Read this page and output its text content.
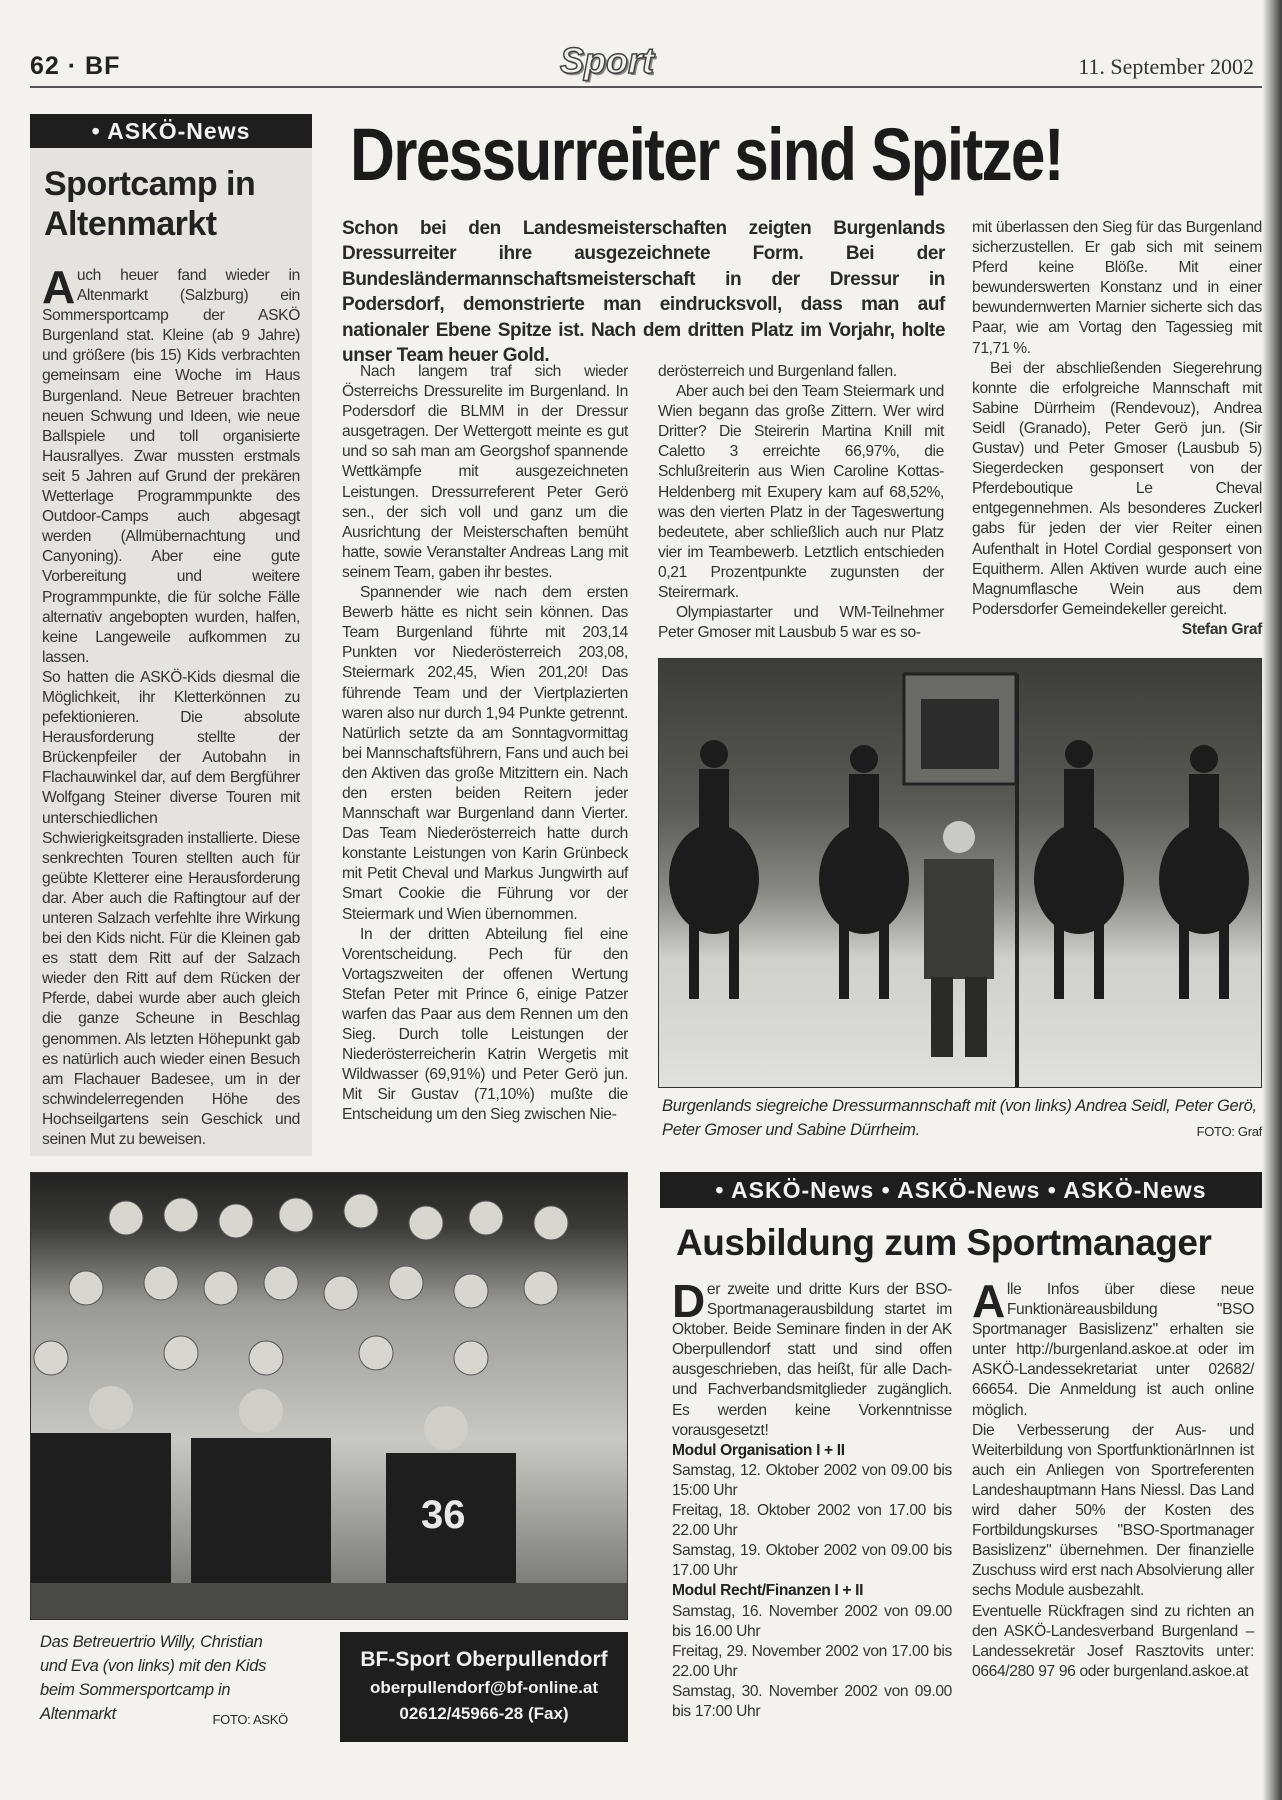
62 · BF	Sport	11. September 2002
• ASKÖ-News
Sportcamp in Altenmarkt

Auch heuer fand wieder in Altenmarkt (Salzburg) ein Sommersportcamp der ASKÖ Burgenland stat. Kleine (ab 9 Jahre) und größere (bis 15) Kids verbrachten gemeinsam eine Woche im Haus Burgenland. Neue Betreuer brachten neuen Schwung und Ideen, wie neue Ballspiele und toll organisierte Hausrallyes. Zwar mussten erstmals seit 5 Jahren auf Grund der prekären Wetterlage Programmpunkte des Outdoor-Camps auch abgesagt werden (Allmübernachtung und Canyoning). Aber eine gute Vorbereitung und weitere Programmpunkte, die für solche Fälle alternativ angebopten wurden, halfen, keine Langeweile aufkommen zu lassen.

So hatten die ASKÖ-Kids diesmal die Möglichkeit, ihr Kletterkönnen zu pefektionieren. Die absolute Herausforderung stellte der Brückenpfeiler der Autobahn in Flachauwinkel dar, auf dem Bergführer Wolfgang Steiner diverse Touren mit unterschiedlichen Schwierigkeitsgraden installierte. Diese senkrechten Touren stellten auch für geübte Kletterer eine Herausforderung dar. Aber auch die Raftingtour auf der unteren Salzach verfehlte ihre Wirkung bei den Kids nicht. Für die Kleinen gab es statt dem Ritt auf der Salzach wieder den Ritt auf dem Rücken der Pferde, dabei wurde aber auch gleich die ganze Scheune in Beschlag genommen. Als letzten Höhepunkt gab es natürlich auch wieder einen Besuch am Flachauer Badesee, um in der schwindelerregenden Höhe des Hochseilgartens sein Geschick und seinen Mut zu beweisen.

Dressurreiter sind Spitze!
Schon bei den Landesmeisterschaften zeigten Burgenlands Dressurreiter ihre ausgezeichnete Form. Bei der Bundesländermannschaftsmeisterschaft in der Dressur in Podersdorf, demonstrierte man eindrucksvoll, dass man auf nationaler Ebene Spitze ist. Nach dem dritten Platz im Vorjahr, holte unser Team heuer Gold.

Nach langem traf sich wieder Österreichs Dressurelite im Burgenland. In Podersdorf die BLMM in der Dressur ausgetragen. Der Wettergott meinte es gut und so sah man am Georgshof spannende Wettkämpfe mit ausgezeichneten Leistungen. Dressurreferent Peter Gerö sen., der sich voll und ganz um die Ausrichtung der Meisterschaften bemüht hatte, sowie Veranstalter Andreas Lang mit seinem Team, gaben ihr bestes.

Spannender wie nach dem ersten Bewerb hätte es nicht sein können. Das Team Burgenland führte mit 203,14 Punkten vor Niederösterreich 203,08, Steiermark 202,45, Wien 201,20! Das führende Team und der Viertplazierten waren also nur durch 1,94 Punkte getrennt. Natürlich setzte da am Sonntagvormittag bei Mannschaftsführern, Fans und auch bei den Aktiven das große Mitzittern ein. Nach den ersten beiden Reitern jeder Mannschaft war Burgenland dann Vierter. Das Team Niederösterreich hatte durch konstante Leistungen von Karin Grünbeck mit Petit Cheval und Markus Jungwirth auf Smart Cookie die Führung vor der Steiermark und Wien übernommen.

In der dritten Abteilung fiel eine Vorentscheidung. Pech für den Vortagszweiten der offenen Wertung Stefan Peter mit Prince 6, einige Patzer warfen das Paar aus dem Rennen um den Sieg. Durch tolle Leistungen der Niederösterreicherin Katrin Wergetis mit Wildwasser (69,91%) und Peter Gerö jun. Mit Sir Gustav (71,10%) mußte die Entscheidung um den Sieg zwischen Nie-

derösterreich und Burgenland fallen.

Aber auch bei den Team Steiermark und Wien begann das große Zittern. Wer wird Dritter? Die Steirerin Martina Knill mit Caletto 3 erreichte 66,97%, die Schlußreiterin aus Wien Caroline Kottas-Heldenberg mit Exupery kam auf 68,52%, was den vierten Platz in der Tageswertung bedeutete, aber schließlich auch nur Platz vier im Teambewerb. Letztlich entschieden 0,21 Prozentpunkte zugunsten der Steirermark.

Olympiastarter und WM-Teilnehmer Peter Gmoser mit Lausbub 5 war es so-

mit überlassen den Sieg für das Burgenland sicherzustellen. Er gab sich mit seinem Pferd keine Blöße. Mit einer bewunderswerten Konstanz und in einer bewundernwerten Marnier sicherte sich das Paar, wie am Vortag den Tagessieg mit 71,71 %.

Bei der abschließenden Siegerehrung konnte die erfolgreiche Mannschaft mit Sabine Dürrheim (Rendevouz), Andrea Seidl (Granado), Peter Gerö jun. (Sir Gustav) und Peter Gmoser (Lausbub 5) Siegerdecken gesponsert von der Pferdeboutique Le Cheval entgegennehmen. Als besonderes Zuckerl gabs für jeden der vier Reiter einen Aufenthalt in Hotel Cordial gesponsert von Equitherm. Allen Aktiven wurde auch eine Magnumflasche Wein aus dem Podersdorfer Gemeindekeller gereicht.

Stefan Graf

Burgenlands siegreiche Dressurmannschaft mit (von links) Andrea Seidl, Peter Gerö, Peter Gmoser und Sabine Dürrheim.	FOTO: Graf
36
Das Betreuertrio Willy, Christian und Eva (von links) mit den Kids beim Sommersportcamp in Altenmarkt	FOTO: ASKÖ
BF-Sport Oberpullendorf
oberpullendorf@bf-online.at
02612/45966-28 (Fax)
• ASKÖ-News • ASKÖ-News • ASKÖ-News
Ausbildung zum Sportmanager

Der zweite und dritte Kurs der BSO-Sportmanagerausbildung startet im Oktober. Beide Seminare finden in der AK Oberpullendorf statt und sind offen ausgeschrieben, das heißt, für alle Dach- und Fachverbandsmitglieder zugänglich. Es werden keine Vorkenntnisse vorausgesetzt!

Modul Organisation I + II

Samstag, 12. Oktober 2002 von 09.00 bis 15:00 Uhr

Freitag, 18. Oktober 2002 von 17.00 bis 22.00 Uhr

Samstag, 19. Oktober 2002 von 09.00 bis 17.00 Uhr

Modul Recht/Finanzen I + II

Samstag, 16. November 2002 von 09.00 bis 16.00 Uhr

Freitag, 29. November 2002 von 17.00 bis 22.00 Uhr

Samstag, 30. November 2002 von 09.00 bis 17:00 Uhr

Alle Infos über diese neue Funktionäreausbildung "BSO Sportmanager Basislizenz" erhalten sie unter http://burgenland.askoe.at oder im ASKÖ-Landessekretariat unter 02682/ 66654. Die Anmeldung ist auch online möglich.

Die Verbesserung der Aus- und Weiterbildung von SportfunktionärInnen ist auch ein Anliegen von Sportreferenten Landeshauptmann Hans Niessl. Das Land wird daher 50% der Kosten des Fortbildungskurses "BSO-Sportmanager Basislizenz" übernehmen. Der finanzielle Zuschuss wird erst nach Absolvierung aller sechs Module ausbezahlt.

Eventuelle Rückfragen sind zu richten an den ASKÖ-Landesverband Burgenland – Landessekretär Josef Rasztovits unter: 0664/280 97 96 oder burgenland.askoe.at
